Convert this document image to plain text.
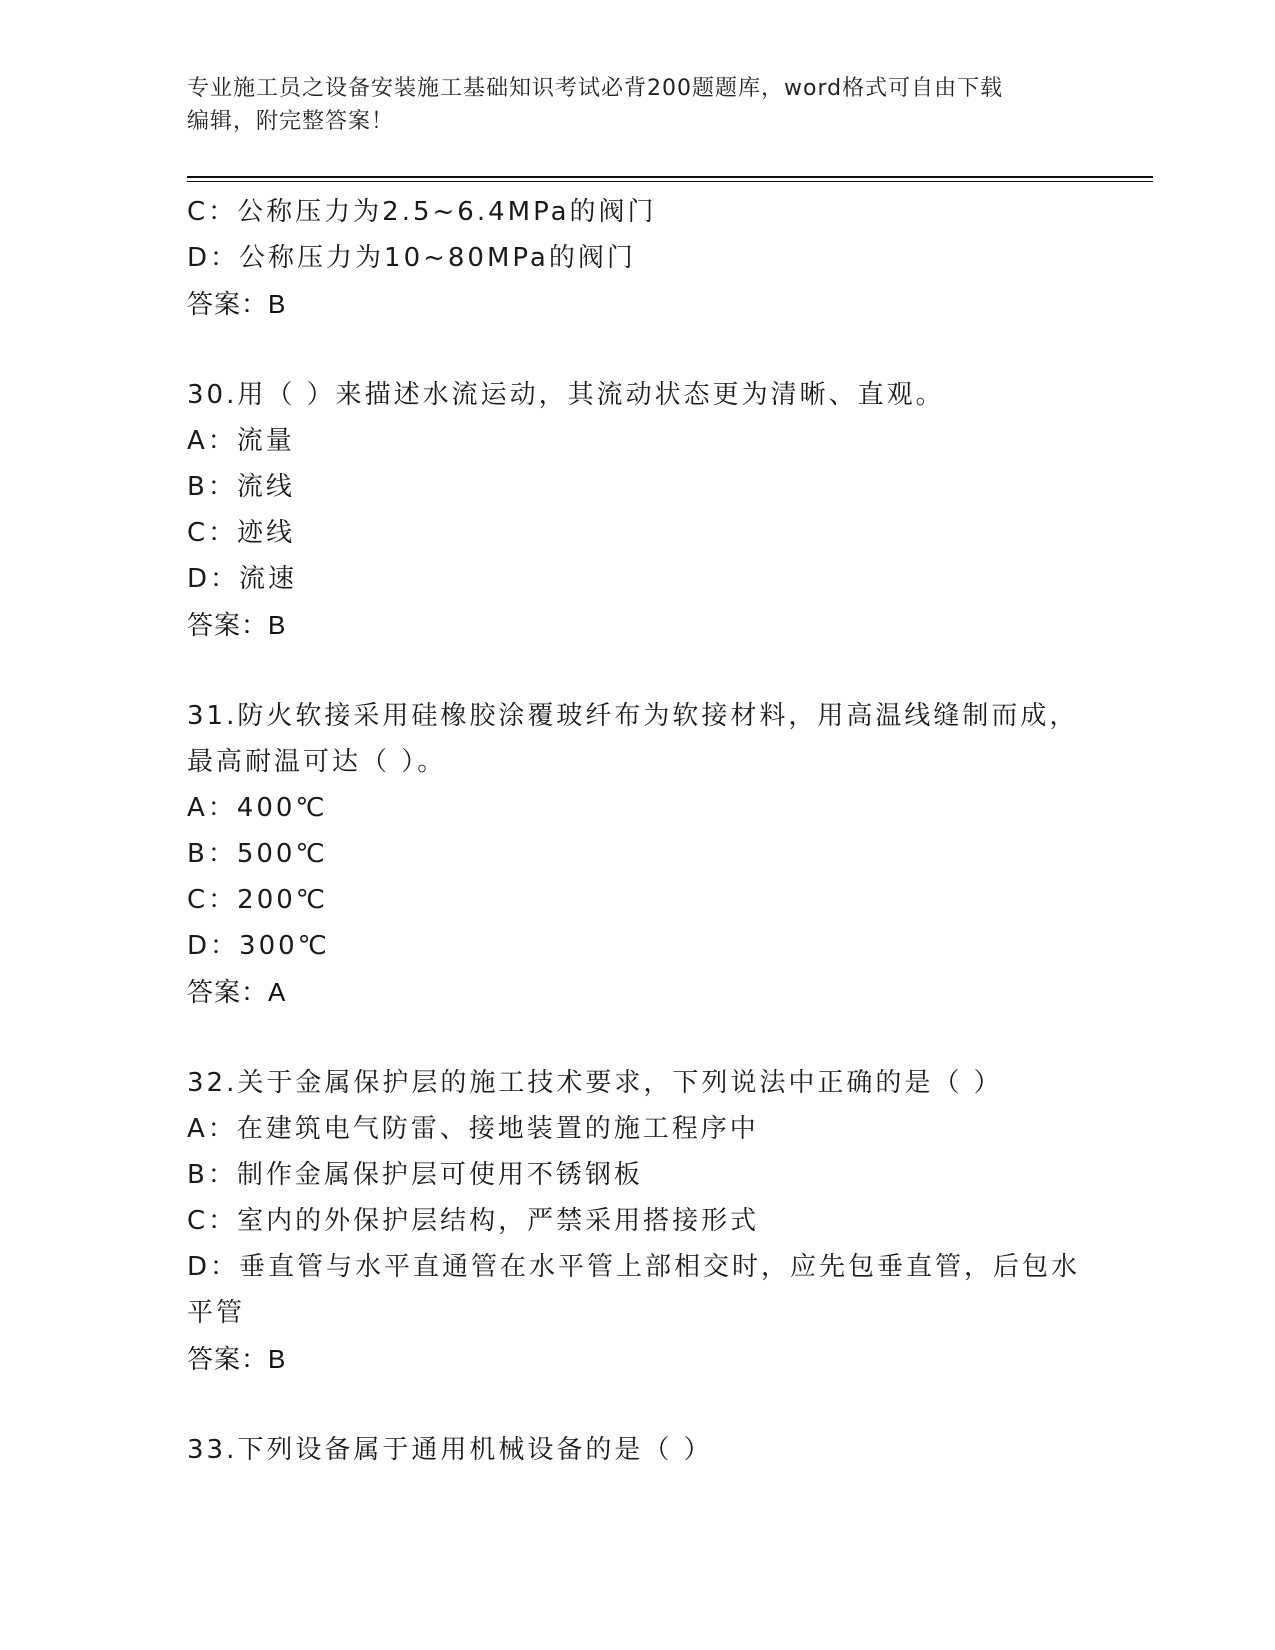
专业施工员之设备安装施工基础知识考试必背200题题库，word格式可自由下载
编辑，附完整答案！
C：公称压力为2.5~6.4MPa的阀门
D：公称压力为10~80MPa的阀门
答案：B
30.用（ ）来描述水流运动，其流动状态更为清晰、直观。
A：流量
B：流线
C：迹线
D：流速
答案：B
31.防火软接采用硅橡胶涂覆玻纤布为软接材料，用高温线缝制而成，
最高耐温可达（ ）。
A：400℃
B：500℃
C：200℃
D：300℃
答案：A
32.关于金属保护层的施工技术要求，下列说法中正确的是（ ）
A：在建筑电气防雷、接地装置的施工程序中
B：制作金属保护层可使用不锈钢板
C：室内的外保护层结构，严禁采用搭接形式
D：垂直管与水平直通管在水平管上部相交时，应先包垂直管，后包水
平管
答案：B
33.下列设备属于通用机械设备的是（ ）
